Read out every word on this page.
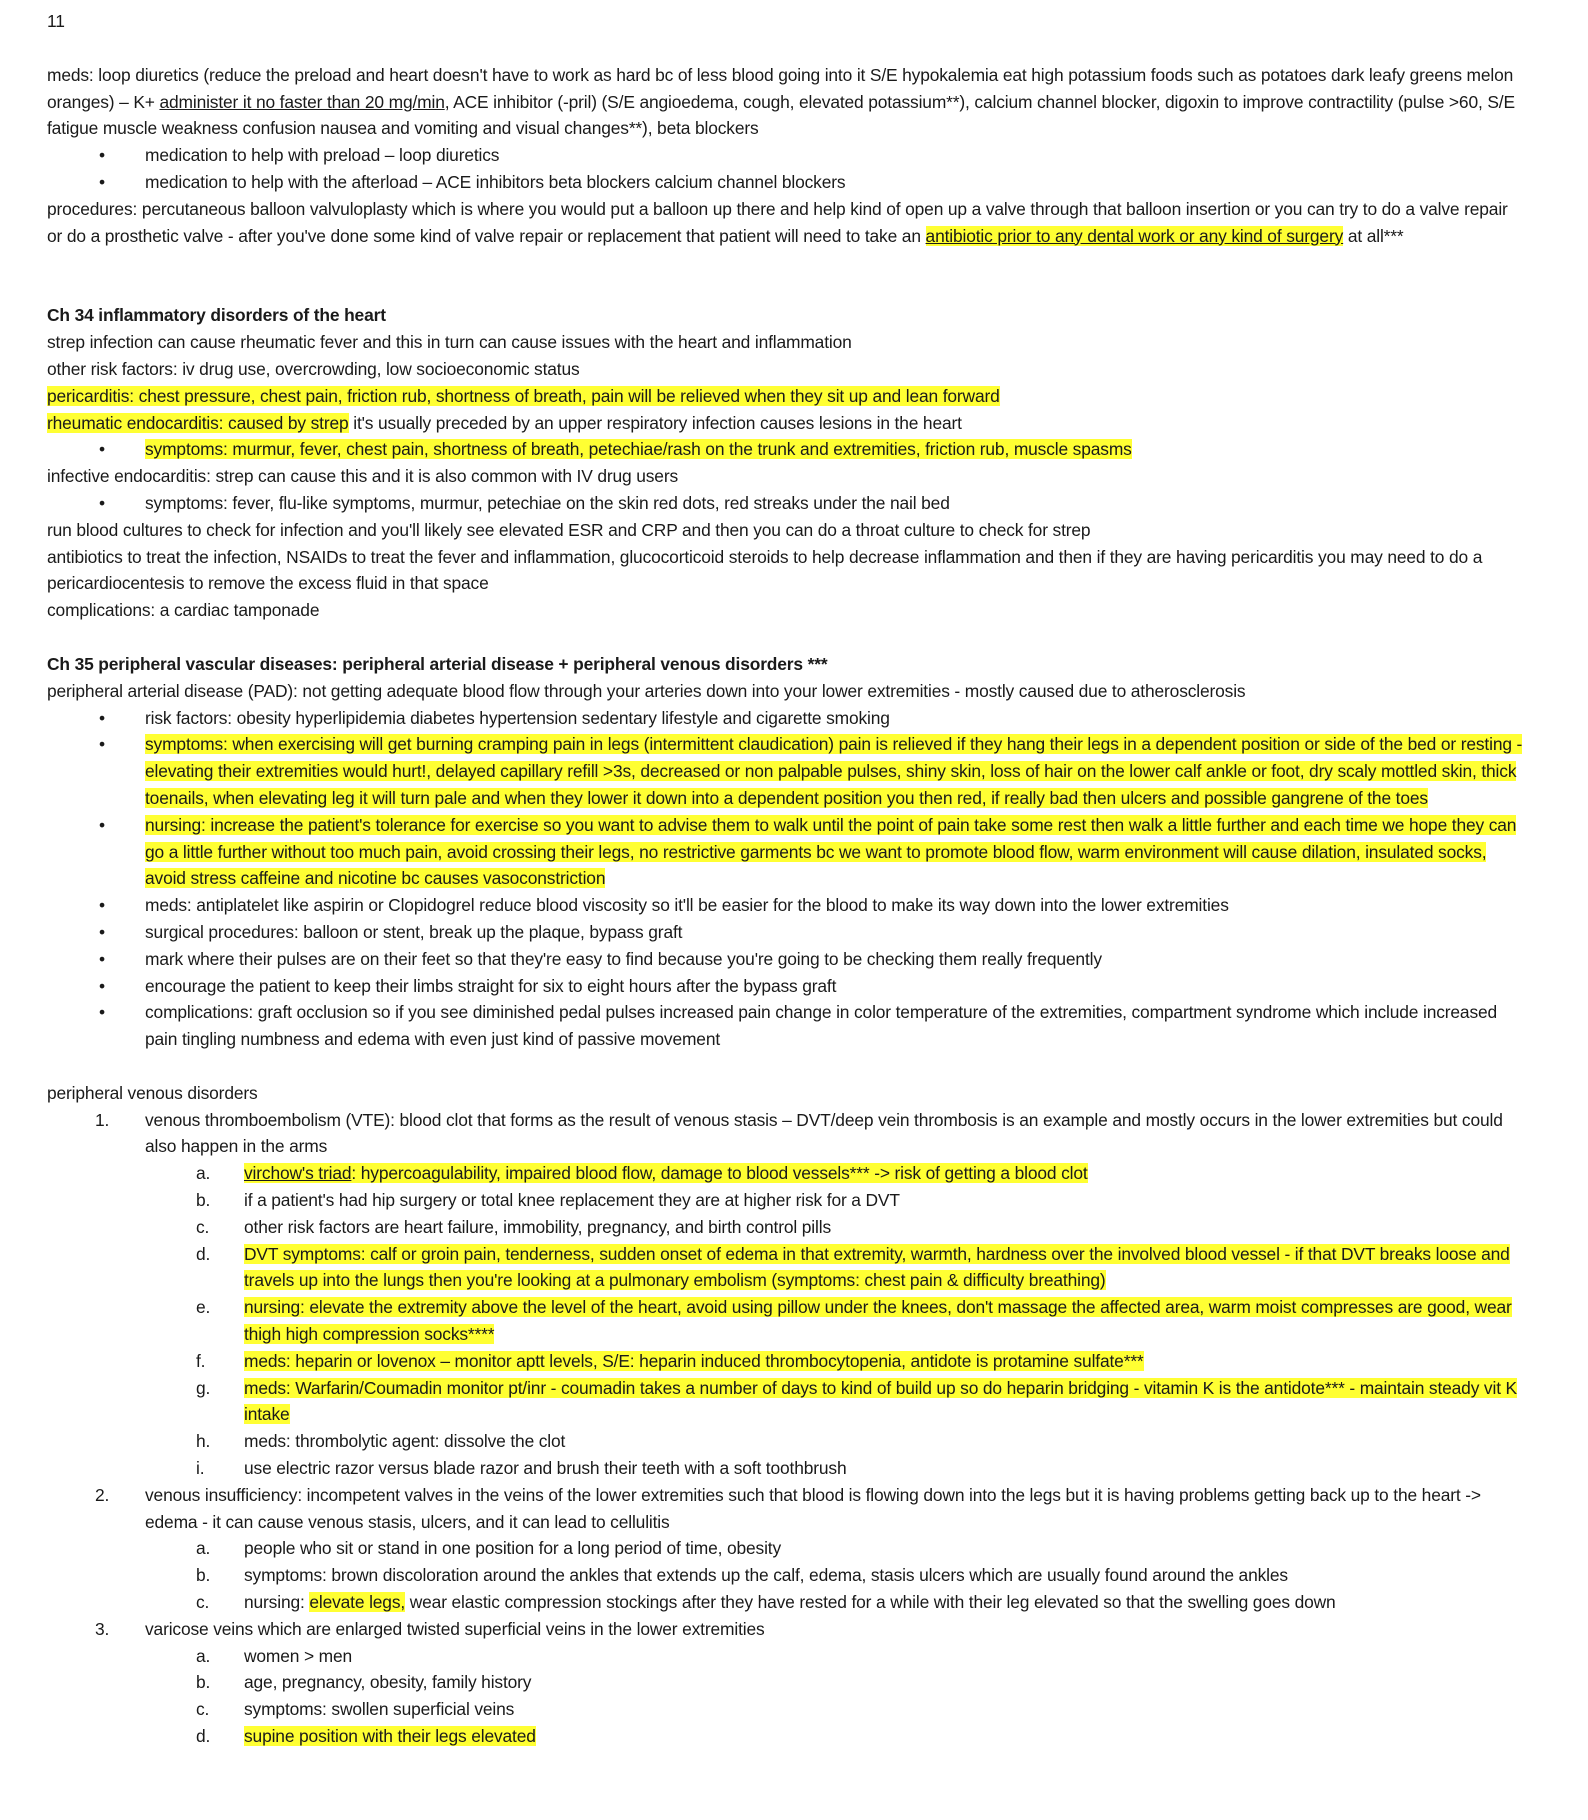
11

meds: loop diuretics (reduce the preload and heart doesn't have to work as hard bc of less blood going into it S/E hypokalemia eat high potassium foods such as potatoes dark leafy greens melon oranges) – K+ administer it no faster than 20 mg/min, ACE inhibitor (-pril) (S/E angioedema, cough, elevated potassium**), calcium channel blocker, digoxin to improve contractility (pulse >60, S/E fatigue muscle weakness confusion nausea and vomiting and visual changes**), beta blockers

• medication to help with preload – loop diuretics

• medication to help with the afterload – ACE inhibitors beta blockers calcium channel blockers

procedures: percutaneous balloon valvuloplasty which is where you would put a balloon up there and help kind of open up a valve through that balloon insertion or you can try to do a valve repair or do a prosthetic valve - after you've done some kind of valve repair or replacement that patient will need to take an antibiotic prior to any dental work or any kind of surgery at all***

Ch 34 inflammatory disorders of the heart

strep infection can cause rheumatic fever and this in turn can cause issues with the heart and inflammation

other risk factors: iv drug use, overcrowding, low socioeconomic status

pericarditis: chest pressure, chest pain, friction rub, shortness of breath, pain will be relieved when they sit up and lean forward

rheumatic endocarditis: caused by strep it's usually preceded by an upper respiratory infection causes lesions in the heart

• symptoms: murmur, fever, chest pain, shortness of breath, petechiae/rash on the trunk and extremities, friction rub, muscle spasms

infective endocarditis: strep can cause this and it is also common with IV drug users

• symptoms: fever, flu-like symptoms, murmur, petechiae on the skin red dots, red streaks under the nail bed

run blood cultures to check for infection and you'll likely see elevated ESR and CRP and then you can do a throat culture to check for strep

antibiotics to treat the infection, NSAIDs to treat the fever and inflammation, glucocorticoid steroids to help decrease inflammation and then if they are having pericarditis you may need to do a pericardiocentesis to remove the excess fluid in that space

complications: a cardiac tamponade

Ch 35 peripheral vascular diseases: peripheral arterial disease + peripheral venous disorders ***

peripheral arterial disease (PAD): not getting adequate blood flow through your arteries down into your lower extremities - mostly caused due to atherosclerosis

• risk factors: obesity hyperlipidemia diabetes hypertension sedentary lifestyle and cigarette smoking

• symptoms: when exercising will get burning cramping pain in legs (intermittent claudication) pain is relieved if they hang their legs in a dependent position or side of the bed or resting - elevating their extremities would hurt!, delayed capillary refill >3s, decreased or non palpable pulses, shiny skin, loss of hair on the lower calf ankle or foot, dry scaly mottled skin, thick toenails, when elevating leg it will turn pale and when they lower it down into a dependent position you then red, if really bad then ulcers and possible gangrene of the toes

• nursing: increase the patient's tolerance for exercise so you want to advise them to walk until the point of pain take some rest then walk a little further and each time we hope they can go a little further without too much pain, avoid crossing their legs, no restrictive garments bc we want to promote blood flow, warm environment will cause dilation, insulated socks, avoid stress caffeine and nicotine bc causes vasoconstriction

• meds: antiplatelet like aspirin or Clopidogrel reduce blood viscosity so it'll be easier for the blood to make its way down into the lower extremities

• surgical procedures: balloon or stent, break up the plaque, bypass graft

• mark where their pulses are on their feet so that they're easy to find because you're going to be checking them really frequently

• encourage the patient to keep their limbs straight for six to eight hours after the bypass graft

• complications: graft occlusion so if you see diminished pedal pulses increased pain change in color temperature of the extremities, compartment syndrome which include increased pain tingling numbness and edema with even just kind of passive movement

peripheral venous disorders

1. venous thromboembolism (VTE): blood clot that forms as the result of venous stasis – DVT/deep vein thrombosis is an example and mostly occurs in the lower extremities but could also happen in the arms

a. virchow's triad: hypercoagulability, impaired blood flow, damage to blood vessels*** -> risk of getting a blood clot

b. if a patient's had hip surgery or total knee replacement they are at higher risk for a DVT

c. other risk factors are heart failure, immobility, pregnancy, and birth control pills

d. DVT symptoms: calf or groin pain, tenderness, sudden onset of edema in that extremity, warmth, hardness over the involved blood vessel - if that DVT breaks loose and travels up into the lungs then you're looking at a pulmonary embolism (symptoms: chest pain & difficulty breathing)

e. nursing: elevate the extremity above the level of the heart, avoid using pillow under the knees, don't massage the affected area, warm moist compresses are good, wear thigh high compression socks****

f. meds: heparin or lovenox – monitor aptt levels, S/E: heparin induced thrombocytopenia, antidote is protamine sulfate***

g. meds: Warfarin/Coumadin monitor pt/inr - coumadin takes a number of days to kind of build up so do heparin bridging - vitamin K is the antidote*** - maintain steady vit K intake

h. meds: thrombolytic agent: dissolve the clot

i. use electric razor versus blade razor and brush their teeth with a soft toothbrush

2. venous insufficiency: incompetent valves in the veins of the lower extremities such that blood is flowing down into the legs but it is having problems getting back up to the heart -> edema - it can cause venous stasis, ulcers, and it can lead to cellulitis

a. people who sit or stand in one position for a long period of time, obesity

b. symptoms: brown discoloration around the ankles that extends up the calf, edema, stasis ulcers which are usually found around the ankles

c. nursing: elevate legs, wear elastic compression stockings after they have rested for a while with their leg elevated so that the swelling goes down

3. varicose veins which are enlarged twisted superficial veins in the lower extremities

a. women > men

b. age, pregnancy, obesity, family history

c. symptoms: swollen superficial veins

d. supine position with their legs elevated
